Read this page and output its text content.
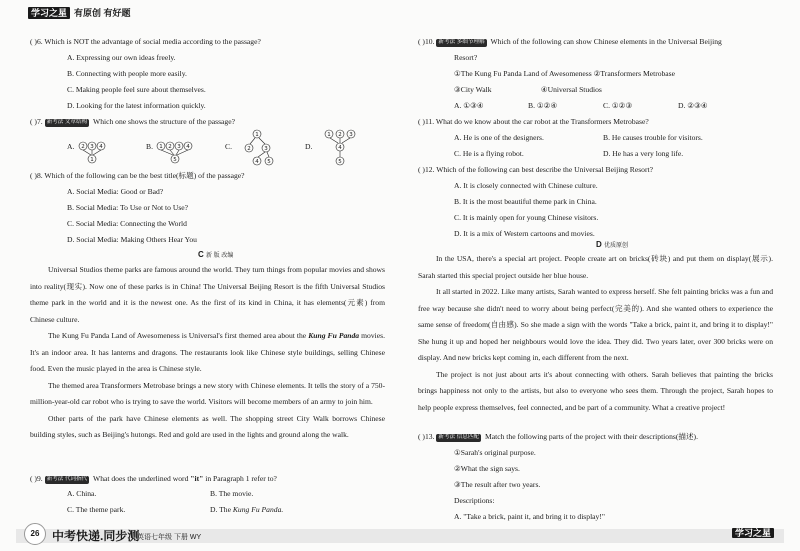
学习之星 有原创 有好题
( )6. Which is NOT the advantage of social media according to the passage?
A. Expressing our own ideas freely.
B. Connecting with people more easily.
C. Making people feel sure about themselves.
D. Looking for the latest information quickly.
( )7. 新考法 文章结构 Which one shows the structure of the passage?
A.	B.	C.	D.
2 3 4
1
1 2 3 4
5
1
2 3
4 5
1 2 3
4
5
( )8. Which of the following can be the best title(标题) of the passage?
A. Social Media: Good or Bad?
B. Social Media: To Use or Not to Use?
C. Social Media: Connecting the World
D. Social Media: Making Others Hear You
C 新 版 改编

Universal Studios theme parks are famous around the world. They turn things from popular movies and shows into reality(现实). Now one of these parks is in China! The Universal Beijing Resort is the fifth Universal Studios theme park in the world and it is the newest one. As the first of its kind in China, it has elements(元素) from Chinese culture.

The Kung Fu Panda Land of Awesomeness is Universal's first themed area about the Kung Fu Panda movies. It's an indoor area. It has lanterns and dragons. The restaurants look like Chinese style buildings, selling Chinese food. Even the music played in the area is Chinese style.

The themed area Transformers Metrobase brings a new story with Chinese elements. It tells the story of a 750-million-year-old car robot who is trying to save the world. Visitors will become members of an army to join him.

Other parts of the park have Chinese elements as well. The shopping street City Walk borrows Chinese building styles, such as Beijing's hutongs. Red and gold are used in the lights and ground along the walk.

( )9. 新考法 代词指代 What does the underlined word "it" in Paragraph 1 refer to?
A. China.	B. The movie.
C. The theme park.	D. The Kung Fu Panda.
( )10. 新考法 多细节理解 Which of the following can show Chinese elements in the Universal Beijing
Resort?
①The Kung Fu Panda Land of Awesomeness ②Transformers Metrobase
③City Walk                          ④Universal Studios
A. ①③④	B. ①②④	C. ①②③	D. ②③④
( )11. What do we know about the car robot at the Transformers Metrobase?
A. He is one of the designers.	B. He causes trouble for visitors.
C. He is a flying robot.	D. He has a very long life.
( )12. Which of the following can best describe the Universal Beijing Resort?
A. It is closely connected with Chinese culture.
B. It is the most beautiful theme park in China.
C. It is mainly open for young Chinese visitors.
D. It is a mix of Western cartoons and movies.
D 优质原创

In the USA, there's a special art project. People create art on bricks(砖块) and put them on display(展示). Sarah started this special project outside her blue house.

It all started in 2022. Like many artists, Sarah wanted to express herself. She felt painting bricks was a fun and free way because she didn't need to worry about being perfect(完美的). And she wanted others to experience the same sense of freedom(自由感). So she made a sign with the words "Take a brick, paint it, and bring it to display!" She hung it up and hoped her neighbours would love the idea. They did. Two years later, over 300 bricks were on display. And new bricks kept coming in, each different from the next.

The project is not just about arts it's about connecting with others. Sarah believes that painting the bricks brings happiness not only to the artists, but also to everyone who sees them. Through the project, Sarah hopes to help people express themselves, feel connected, and be part of a community. What a creative project!

( )13. 新考法 信息匹配 Match the following parts of the project with their descriptions(描述).
①Sarah's original purpose.
②What the sign says.
③The result after two years.
Descriptions:
A. "Take a brick, paint it, and bring it to display!"
26	中考快递.同步测
英语七年级 下册 WY	学习之星
